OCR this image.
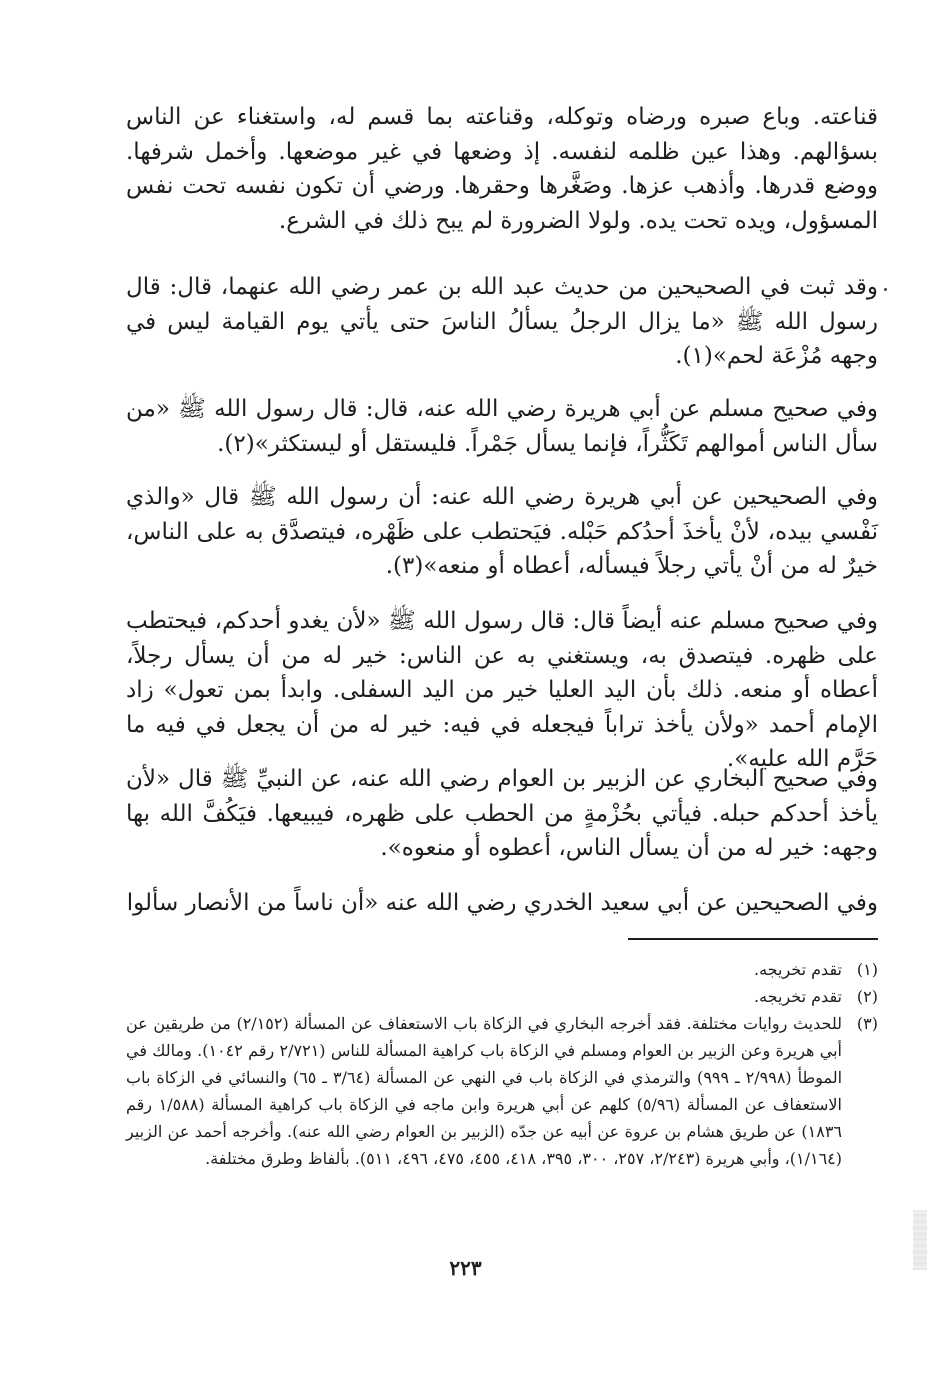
قناعته. وباع صبره ورضاه وتوكله، وقناعته بما قسم له، واستغناء عن الناس بسؤالهم. وهذا عين ظلمه لنفسه. إذ وضعها في غير موضعها. وأخمل شرفها. ووضع قدرها. وأذهب عزها. وصَغَّرها وحقرها. ورضي أن تكون نفسه تحت نفس المسؤول، ويده تحت يده. ولولا الضرورة لم يبح ذلك في الشرع.

وقد ثبت في الصحيحين من حديث عبد الله بن عمر رضي الله عنهما، قال: قال رسول الله ﷺ «ما يزال الرجلُ يسألُ الناسَ حتى يأتي يوم القيامة ليس في وجهه مُزْعَة لحم»(١).

وفي صحيح مسلم عن أبي هريرة رضي الله عنه، قال: قال رسول الله ﷺ «من سأل الناس أموالهم تَكَثُّراً، فإنما يسأل جَمْراً. فليستقل أو ليستكثر»(٢).

وفي الصحيحين عن أبي هريرة رضي الله عنه: أن رسول الله ﷺ قال «والذي نَفْسي بيده، لأنْ يأخذَ أحدُكم حَبْله. فيَحتطب على ظَهْره، فيتصدَّق به على الناس، خيرٌ له من أنْ يأتي رجلاً فيسأله، أعطاه أو منعه»(٣).

وفي صحيح مسلم عنه أيضاً قال: قال رسول الله ﷺ «لأن يغدو أحدكم، فيحتطب على ظهره. فيتصدق به، ويستغني به عن الناس: خير له من أن يسأل رجلاً، أعطاه أو منعه. ذلك بأن اليد العليا خير من اليد السفلى. وابدأ بمن تعول» زاد الإمام أحمد «ولأن يأخذ تراباً فيجعله في فيه: خير له من أن يجعل في فيه ما حَرَّم الله عليه».

وفي صحيح البخاري عن الزبير بن العوام رضي الله عنه، عن النبيِّ ﷺ قال «لأن يأخذ أحدكم حبله. فيأتي بحُزْمةٍ من الحطب على ظهره، فيبيعها. فيَكُفَّ الله بها وجهه: خير له من أن يسأل الناس، أعطوه أو منعوه».

وفي الصحيحين عن أبي سعيد الخدري رضي الله عنه «أن ناساً من الأنصار سألوا

(١)
تقدم تخريجه.
(٢)
تقدم تخريجه.
(٣)
للحديث روايات مختلفة. فقد أخرجه البخاري في الزكاة باب الاستعفاف عن المسألة (٢/١٥٢) من طريقين عن أبي هريرة وعن الزبير بن العوام ومسلم في الزكاة باب كراهية المسألة للناس (٢/٧٢١ رقم ١٠٤٢). ومالك في الموطأ (٢/٩٩٨ ـ ٩٩٩) والترمذي في الزكاة باب في النهي عن المسألة (٣/٦٤ ـ ٦٥) والنسائي في الزكاة باب الاستعفاف عن المسألة (٥/٩٦) كلهم عن أبي هريرة وابن ماجه في الزكاة باب كراهية المسألة (١/٥٨٨ رقم ١٨٣٦) عن طريق هشام بن عروة عن أبيه عن جدّه (الزبير بن العوام رضي الله عنه). وأخرجه أحمد عن الزبير (١/١٦٤)، وأبي هريرة (٢/٢٤٣، ٢٥٧، ٣٠٠، ٣٩٥، ٤١٨، ٤٥٥، ٤٧٥، ٤٩٦، ٥١١). بألفاظ وطرق مختلفة.
٢٢٣
